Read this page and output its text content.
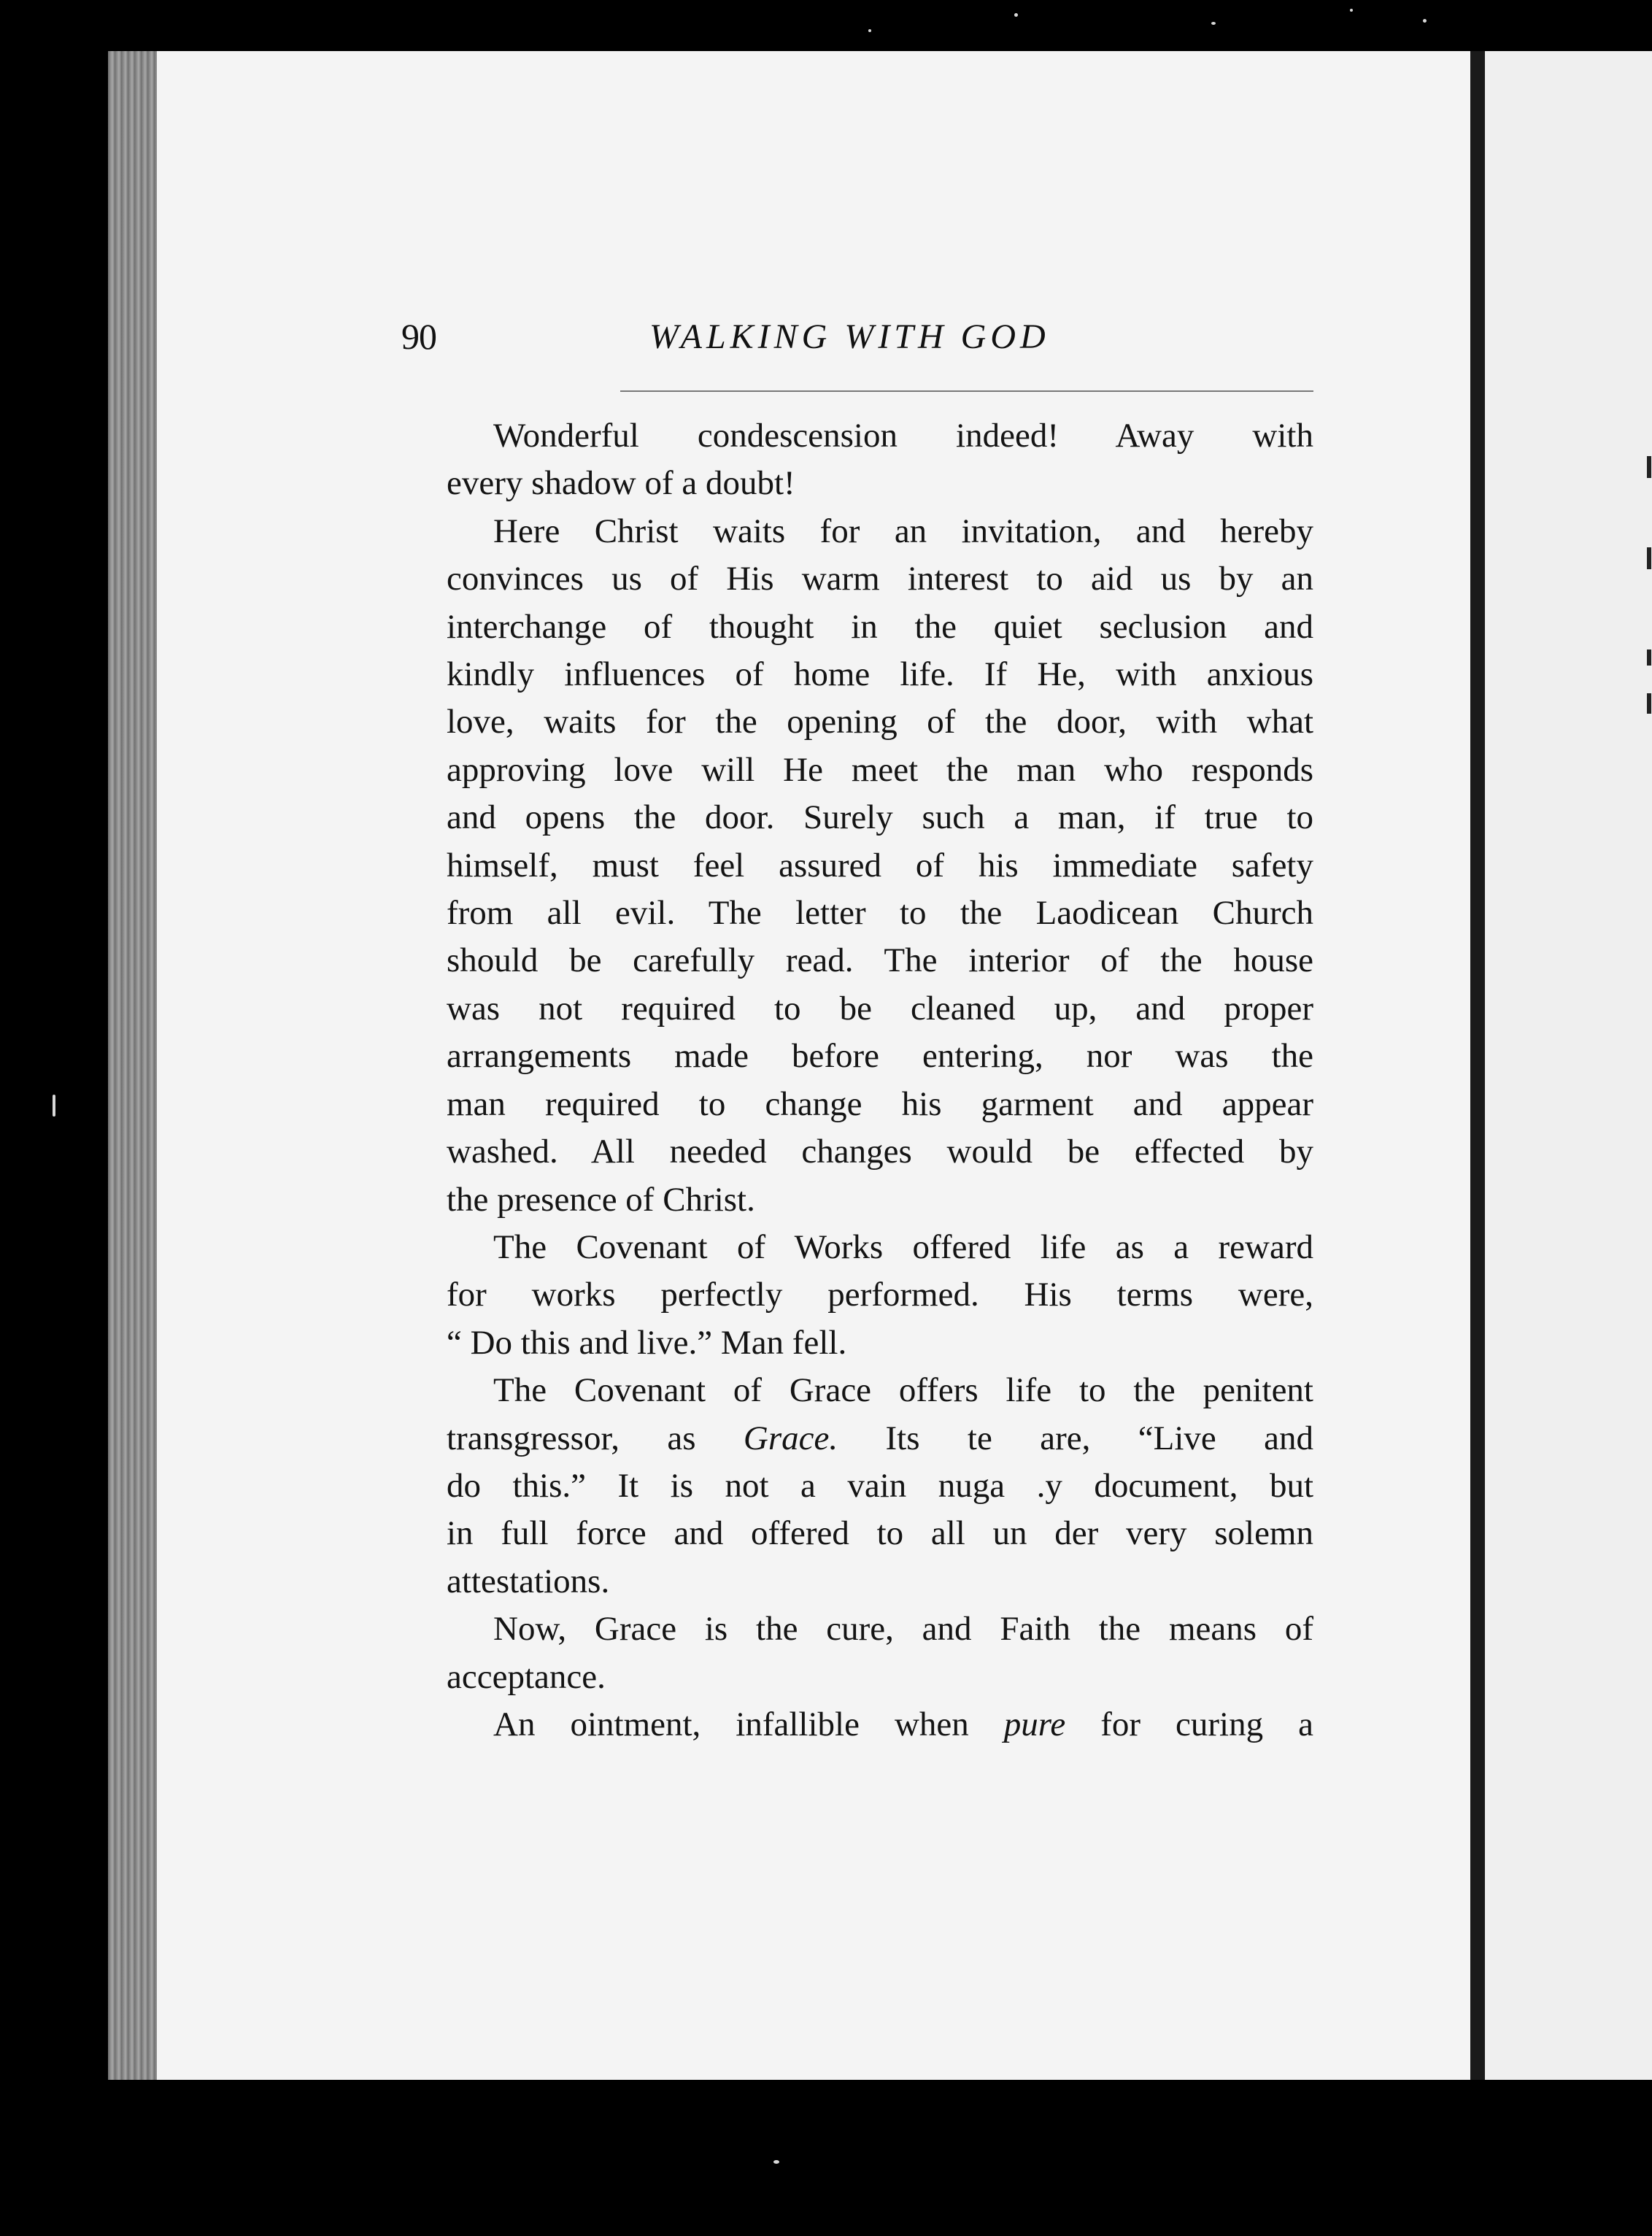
90	WALKING WITH GOD

Wonderful condescension indeed! Away with
every shadow of a doubt!

Here Christ waits for an invitation, and hereby
convinces us of His warm interest to aid us by an
interchange of thought in the quiet seclusion and
kindly influences of home life. If He, with anxious
love, waits for the opening of the door, with what
approving love will He meet the man who responds
and opens the door. Surely such a man, if true to
himself, must feel assured of his immediate safety
from all evil. The letter to the Laodicean Church
should be carefully read. The interior of the house
was not required to be cleaned up, and proper
arrangements made before entering, nor was the
man required to change his garment and appear
washed. All needed changes would be effected by
the presence of Christ.

The Covenant of Works offered life as a reward
for works perfectly performed. His terms were,
“ Do this and live.” Man fell.

The Covenant of Grace offers life to the penitent
transgressor, as Grace. Its te are, “Live and
do this.” It is not a vain nuga .y document, but
in full force and offered to all un der very solemn
attestations.

Now, Grace is the cure, and Faith the means of
acceptance.

An ointment, infallible when pure for curing a
